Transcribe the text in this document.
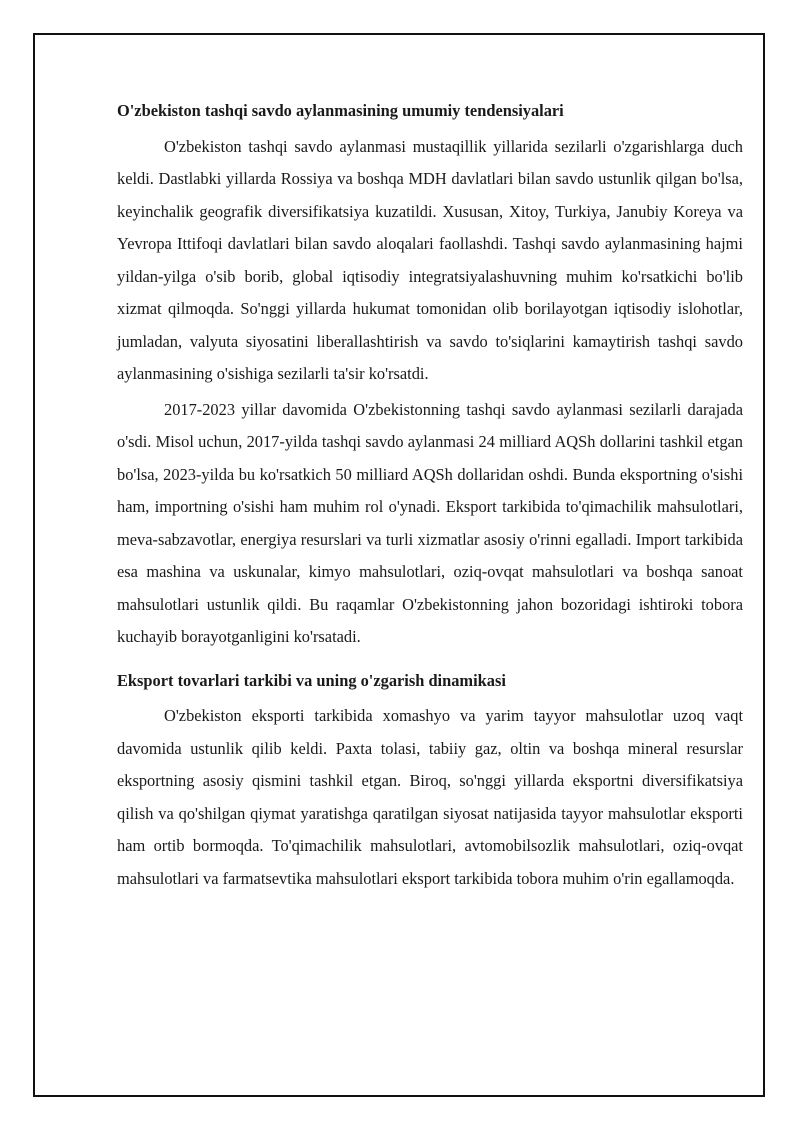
O'zbekiston tashqi savdo aylanmasining umumiy tendensiyalari

O'zbekiston tashqi savdo aylanmasi mustaqillik yillarida sezilarli o'zgarishlarga duch keldi. Dastlabki yillarda Rossiya va boshqa MDH davlatlari bilan savdo ustunlik qilgan bo'lsa, keyinchalik geografik diversifikatsiya kuzatildi. Xususan, Xitoy, Turkiya, Janubiy Koreya va Yevropa Ittifoqi davlatlari bilan savdo aloqalari faollashdi. Tashqi savdo aylanmasining hajmi yildan-yilga o'sib borib, global iqtisodiy integratsiyalashuvning muhim ko'rsatkichi bo'lib xizmat qilmoqda. So'nggi yillarda hukumat tomonidan olib borilayotgan iqtisodiy islohotlar, jumladan, valyuta siyosatini liberallashtirish va savdo to'siqlarini kamaytirish tashqi savdo aylanmasining o'sishiga sezilarli ta'sir ko'rsatdi.

2017-2023 yillar davomida O'zbekistonning tashqi savdo aylanmasi sezilarli darajada o'sdi. Misol uchun, 2017-yilda tashqi savdo aylanmasi 24 milliard AQSh dollarini tashkil etgan bo'lsa, 2023-yilda bu ko'rsatkich 50 milliard AQSh dollaridan oshdi. Bunda eksportning o'sishi ham, importning o'sishi ham muhim rol o'ynadi. Eksport tarkibida to'qimachilik mahsulotlari, meva-sabzavotlar, energiya resurslari va turli xizmatlar asosiy o'rinni egalladi. Import tarkibida esa mashina va uskunalar, kimyo mahsulotlari, oziq-ovqat mahsulotlari va boshqa sanoat mahsulotlari ustunlik qildi. Bu raqamlar O'zbekistonning jahon bozoridagi ishtiroki tobora kuchayib borayotganligini ko'rsatadi.

Eksport tovarlari tarkibi va uning o'zgarish dinamikasi

O'zbekiston eksporti tarkibida xomashyo va yarim tayyor mahsulotlar uzoq vaqt davomida ustunlik qilib keldi. Paxta tolasi, tabiiy gaz, oltin va boshqa mineral resurslar eksportning asosiy qismini tashkil etgan. Biroq, so'nggi yillarda eksportni diversifikatsiya qilish va qo'shilgan qiymat yaratishga qaratilgan siyosat natijasida tayyor mahsulotlar eksporti ham ortib bormoqda. To'qimachilik mahsulotlari, avtomobilsozlik mahsulotlari, oziq-ovqat mahsulotlari va farmatsevtika mahsulotlari eksport tarkibida tobora muhim o'rin egallamoqda.
